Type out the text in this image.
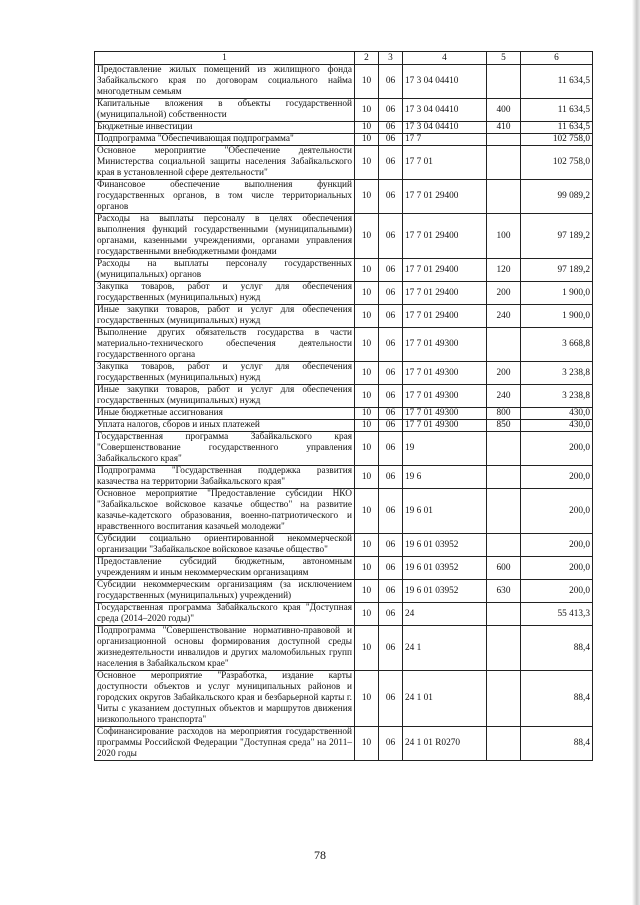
1	2	3	4	5	6
Предоставление жилых помещений из жилищного фонда Забайкальского края по договорам социального найма многодетным семьям	10	06	17 3 04 04410		11 634,5
Капитальные вложения в объекты государственной (муниципальной) собственности	10	06	17 3 04 04410	400	11 634,5
Бюджетные инвестиции	10	06	17 3 04 04410	410	11 634,5
Подпрограмма "Обеспечивающая подпрограмма"	10	06	17 7		102 758,0
Основное мероприятие "Обеспечение деятельности Министерства социальной защиты населения Забайкальского края в установленной сфере деятельности"	10	06	17 7 01		102 758,0
Финансовое обеспечение выполнения функций государственных органов, в том числе территориальных органов	10	06	17 7 01 29400		99 089,2
Расходы на выплаты персоналу в целях обеспечения выполнения функций государственными (муниципальными) органами, казенными учреждениями, органами управления государственными внебюджетными фондами	10	06	17 7 01 29400	100	97 189,2
Расходы на выплаты персоналу государственных (муниципальных) органов	10	06	17 7 01 29400	120	97 189,2
Закупка товаров, работ и услуг для обеспечения государственных (муниципальных) нужд	10	06	17 7 01 29400	200	1 900,0
Иные закупки товаров, работ и услуг для обеспечения государственных (муниципальных) нужд	10	06	17 7 01 29400	240	1 900,0
Выполнение других обязательств государства в части материально-технического обеспечения деятельности государственного органа	10	06	17 7 01 49300		3 668,8
Закупка товаров, работ и услуг для обеспечения государственных (муниципальных) нужд	10	06	17 7 01 49300	200	3 238,8
Иные закупки товаров, работ и услуг для обеспечения государственных (муниципальных) нужд	10	06	17 7 01 49300	240	3 238,8
Иные бюджетные ассигнования	10	06	17 7 01 49300	800	430,0
Уплата налогов, сборов и иных платежей	10	06	17 7 01 49300	850	430,0
Государственная программа Забайкальского края "Совершенствование государственного управления Забайкальского края"	10	06	19		200,0
Подпрограмма "Государственная поддержка развития казачества на территории Забайкальского края"	10	06	19 6		200,0
Основное мероприятие "Предоставление субсидии НКО "Забайкальское войсковое казачье общество" на развитие казачье-кадетского образования, военно-патриотического и нравственного воспитания казачьей молодежи"	10	06	19 6 01		200,0
Субсидии социально ориентированной некоммерческой организации "Забайкальское войсковое казачье общество"	10	06	19 6 01 03952		200,0
Предоставление субсидий бюджетным, автономным учреждениям и иным некоммерческим организациям	10	06	19 6 01 03952	600	200,0
Субсидии некоммерческим организациям (за исключением государственных (муниципальных) учреждений)	10	06	19 6 01 03952	630	200,0
Государственная программа Забайкальского края "Доступная среда (2014–2020 годы)"	10	06	24		55 413,3
Подпрограмма "Совершенствование нормативно-правовой и организационной основы формирования доступной среды жизнедеятельности инвалидов и других маломобильных групп населения в Забайкальском крае"	10	06	24 1		88,4
Основное мероприятие "Разработка, издание карты доступности объектов и услуг муниципальных районов и городских округов Забайкальского края и безбарьерной карты г. Читы с указанием доступных объектов и маршрутов движения низкопольного транспорта"	10	06	24 1 01		88,4
Софинансирование расходов на мероприятия государственной программы Российской Федерации "Доступная среда" на 2011–2020 годы	10	06	24 1 01 R0270		88,4
78
